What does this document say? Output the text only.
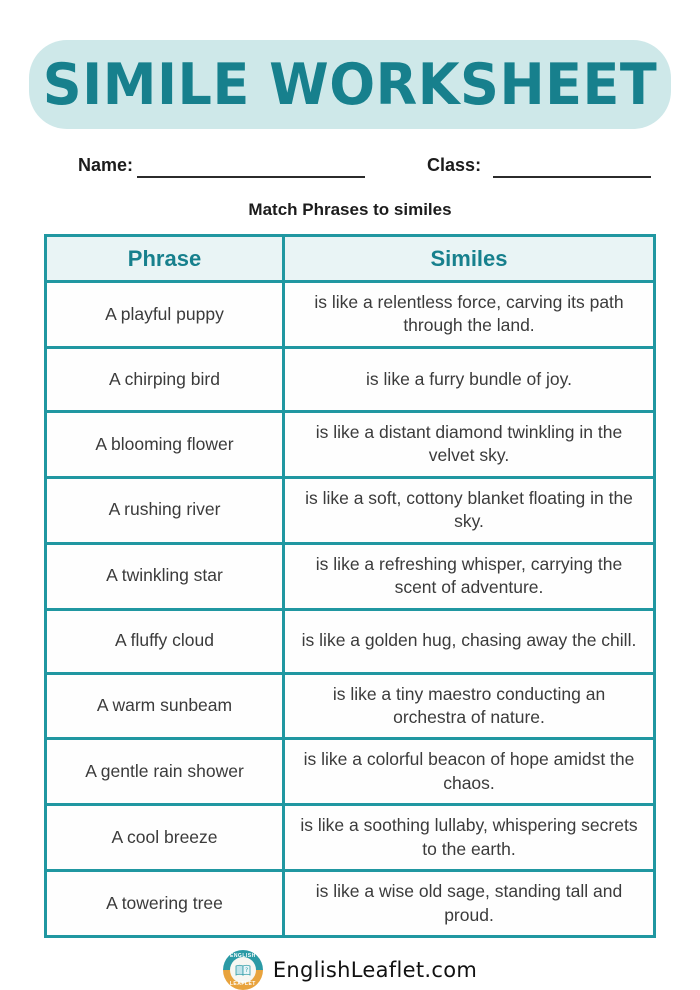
SIMILE WORKSHEET
Name:	Class:
Match Phrases to similes
Phrase	Similes
A playful puppy	is like a relentless force, carving its path through the land.
A chirping bird	is like a furry bundle of joy.
A blooming flower	is like a distant diamond twinkling in the velvet sky.
A rushing river	is like a soft, cottony blanket floating in the sky.
A twinkling star	is like a refreshing whisper, carrying the scent of adventure.
A fluffy cloud	is like a golden hug, chasing away the chill.
A warm sunbeam	is like a tiny maestro conducting an orchestra of nature.
A gentle rain shower	is like a colorful beacon of hope amidst the chaos.
A cool breeze	is like a soothing lullaby, whispering secrets to the earth.
A towering tree	is like a wise old sage, standing tall and proud.
ENGLISH
?
LEAFLET
EnglishLeaflet.com
